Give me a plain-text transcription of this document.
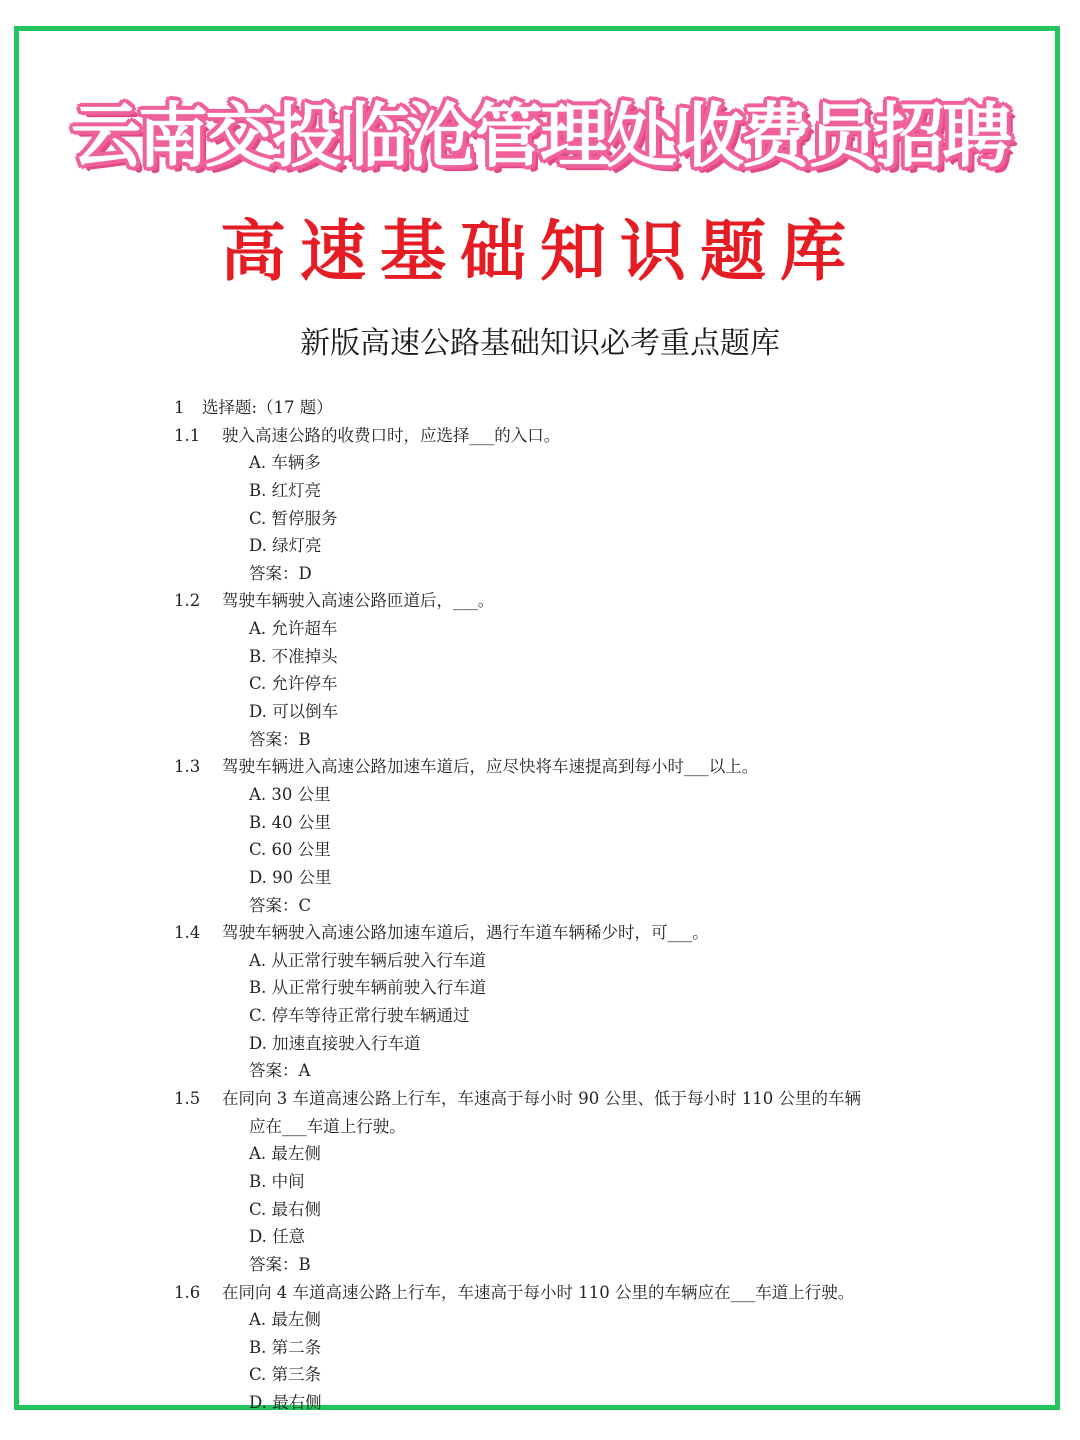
云南交投临沧管理处收费员招聘
高速基础知识题库
新版高速公路基础知识必考重点题库
1 选择题:（17 题）
1.1 驶入高速公路的收费口时，应选择___的入口。
A. 车辆多
B. 红灯亮
C. 暂停服务
D. 绿灯亮
答案：D
1.2 驾驶车辆驶入高速公路匝道后，___。
A. 允许超车
B. 不准掉头
C. 允许停车
D. 可以倒车
答案：B
1.3 驾驶车辆进入高速公路加速车道后，应尽快将车速提高到每小时___以上。
A. 30 公里
B. 40 公里
C. 60 公里
D. 90 公里
答案：C
1.4 驾驶车辆驶入高速公路加速车道后，遇行车道车辆稀少时，可___。
A. 从正常行驶车辆后驶入行车道
B. 从正常行驶车辆前驶入行车道
C. 停车等待正常行驶车辆通过
D. 加速直接驶入行车道
答案：A
1.5 在同向 3 车道高速公路上行车，车速高于每小时 90 公里、低于每小时 110 公里的车辆
应在___车道上行驶。
A. 最左侧
B. 中间
C. 最右侧
D. 任意
答案：B
1.6 在同向 4 车道高速公路上行车，车速高于每小时 110 公里的车辆应在___车道上行驶。
A. 最左侧
B. 第二条
C. 第三条
D. 最右侧
